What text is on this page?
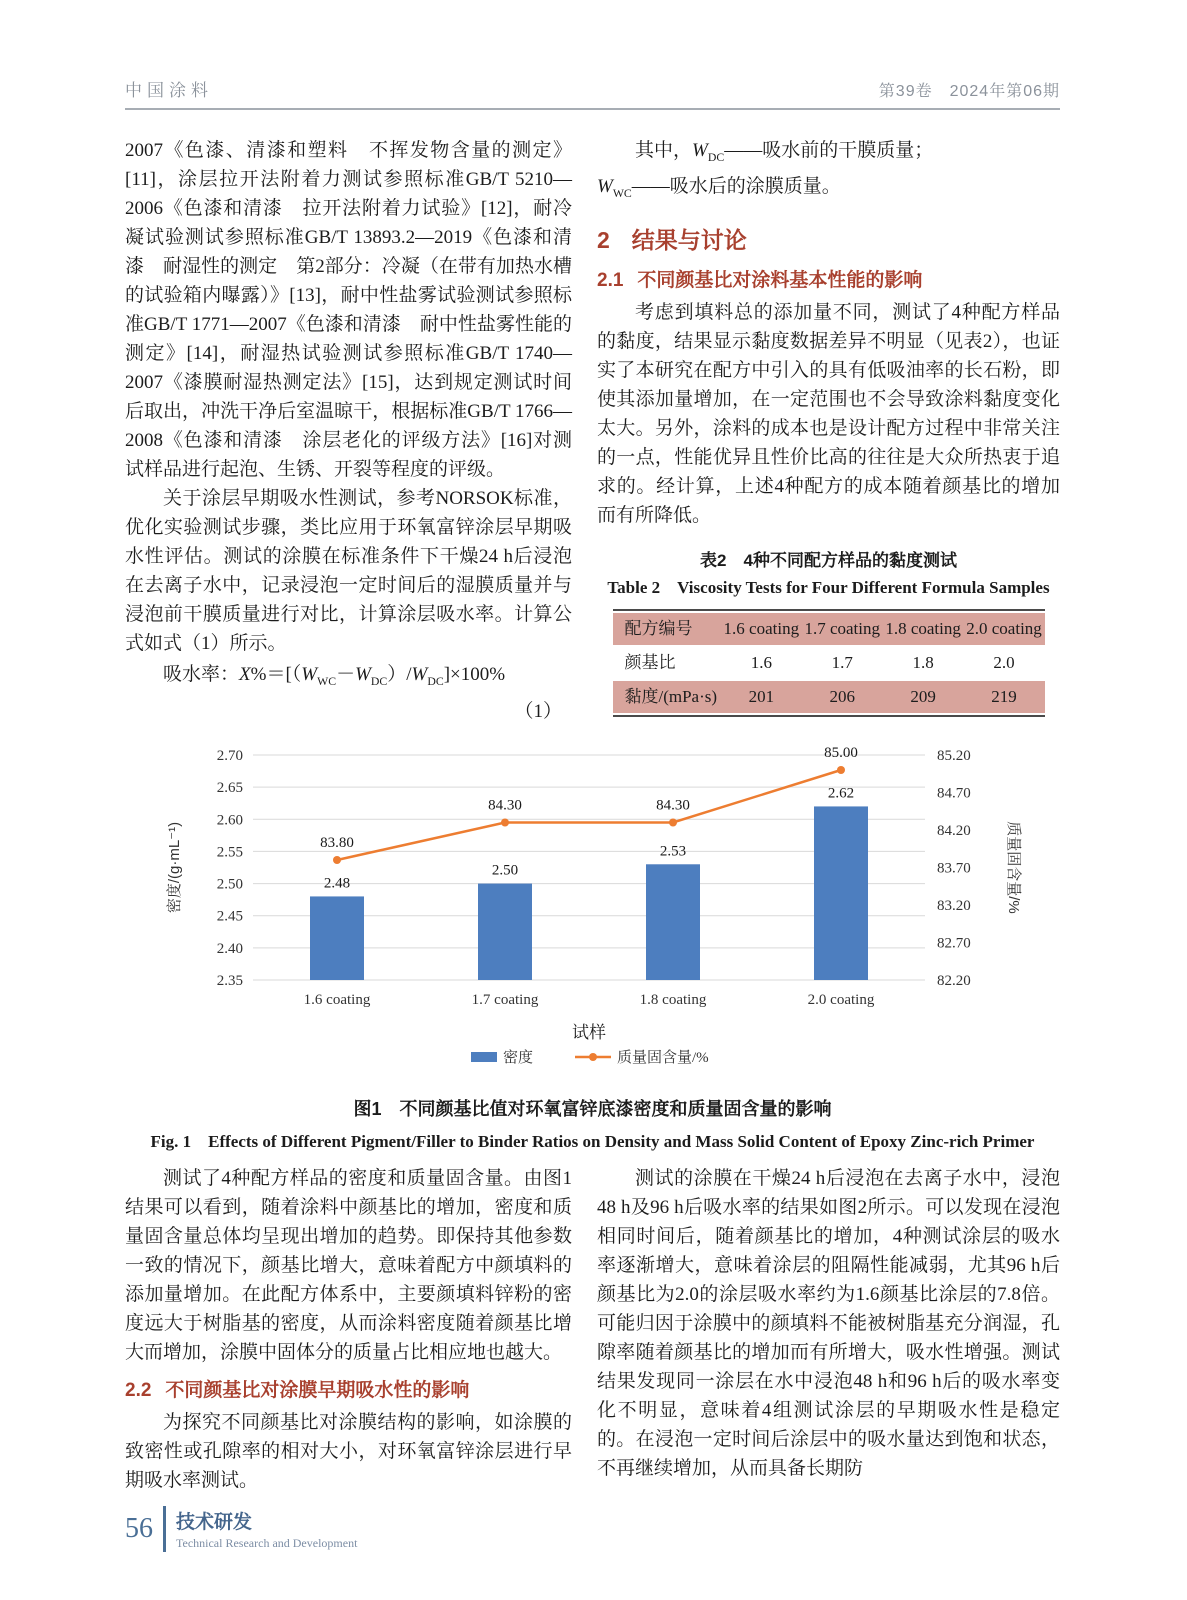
中国涂料	第39卷　2024年第06期

2007《色漆、清漆和塑料　不挥发物含量的测定》[11]，涂层拉开法附着力测试参照标准GB/T 5210—2006《色漆和清漆　拉开法附着力试验》[12]，耐冷凝试验测试参照标准GB/T 13893.2—2019《色漆和清漆　耐湿性的测定　第2部分：冷凝（在带有加热水槽的试验箱内曝露）》[13]，耐中性盐雾试验测试参照标准GB/T 1771—2007《色漆和清漆　耐中性盐雾性能的测定》[14]，耐湿热试验测试参照标准GB/T 1740—2007《漆膜耐湿热测定法》[15]，达到规定测试时间后取出，冲洗干净后室温晾干，根据标准GB/T 1766—2008《色漆和清漆　涂层老化的评级方法》[16]对测试样品进行起泡、生锈、开裂等程度的评级。

关于涂层早期吸水性测试，参考NORSOK标准，优化实验测试步骤，类比应用于环氧富锌涂层早期吸水性评估。测试的涂膜在标准条件下干燥24 h后浸泡在去离子水中，记录浸泡一定时间后的湿膜质量并与浸泡前干膜质量进行对比，计算涂层吸水率。计算公式如式（1）所示。

吸水率：$X\%=[(W_{WC}-W_{DC})/W_{DC}]\times 100\%$
（1）

其中，$W_{DC}——$吸水前的干膜质量；

$W_{WC}——$吸水后的涂膜质量。

2 结果与讨论
2.1 不同颜基比对涂料基本性能的影响

考虑到填料总的添加量不同，测试了4种配方样品的黏度，结果显示黏度数据差异不明显（见表2），也证实了本研究在配方中引入的具有低吸油率的长石粉，即使其添加量增加，在一定范围也不会导致涂料黏度变化太大。另外，涂料的成本也是设计配方过程中非常关注的一点，性能优异且性价比高的往往是大众所热衷于追求的。经计算，上述4种配方的成本随着颜基比的增加而有所降低。

表2　4种不同配方样品的黏度测试
Table 2　Viscosity Tests for Four Different Formula Samples
配方编号	1.6 coating	1.7 coating	1.8 coating	2.0 coating
颜基比	1.6	1.7	1.8	2.0
黏度/(mPa·s)	201	206	209	219
2.35
2.40
2.45
2.50
2.55
2.60
2.65
2.70
82.20
82.70
83.20
83.70
84.20
84.70
85.20
2.48
1.6 coating
2.50
1.7 coating
2.53
1.8 coating
2.62
2.0 coating
83.80
84.30	84.30
85.00
密度/(g·mL⁻¹)	质量固含量/%
试样
密度	质量固含量/%
图1　不同颜基比值对环氧富锌底漆密度和质量固含量的影响
Fig. 1　Effects of Different Pigment/Filler to Binder Ratios on Density and Mass Solid Content of Epoxy Zinc-rich Primer

测试了4种配方样品的密度和质量固含量。由图1结果可以看到，随着涂料中颜基比的增加，密度和质量固含量总体均呈现出增加的趋势。即保持其他参数一致的情况下，颜基比增大，意味着配方中颜填料的添加量增加。在此配方体系中，主要颜填料锌粉的密度远大于树脂基的密度，从而涂料密度随着颜基比增大而增加，涂膜中固体分的质量占比相应地也越大。

2.2 不同颜基比对涂膜早期吸水性的影响

为探究不同颜基比对涂膜结构的影响，如涂膜的致密性或孔隙率的相对大小，对环氧富锌涂层进行早期吸水率测试。

测试的涂膜在干燥24 h后浸泡在去离子水中，浸泡48 h及96 h后吸水率的结果如图2所示。可以发现在浸泡相同时间后，随着颜基比的增加，4种测试涂层的吸水率逐渐增大，意味着涂层的阻隔性能减弱，尤其96 h后颜基比为2.0的涂层吸水率约为1.6颜基比涂层的7.8倍。可能归因于涂膜中的颜填料不能被树脂基充分润湿，孔隙率随着颜基比的增加而有所增大，吸水性增强。测试结果发现同一涂层在水中浸泡48 h和96 h后的吸水率变化不明显，意味着4组测试涂层的早期吸水性是稳定的。在浸泡一定时间后涂层中的吸水量达到饱和状态，不再继续增加，从而具备长期防

56 技术研发
Technical Research and Development
